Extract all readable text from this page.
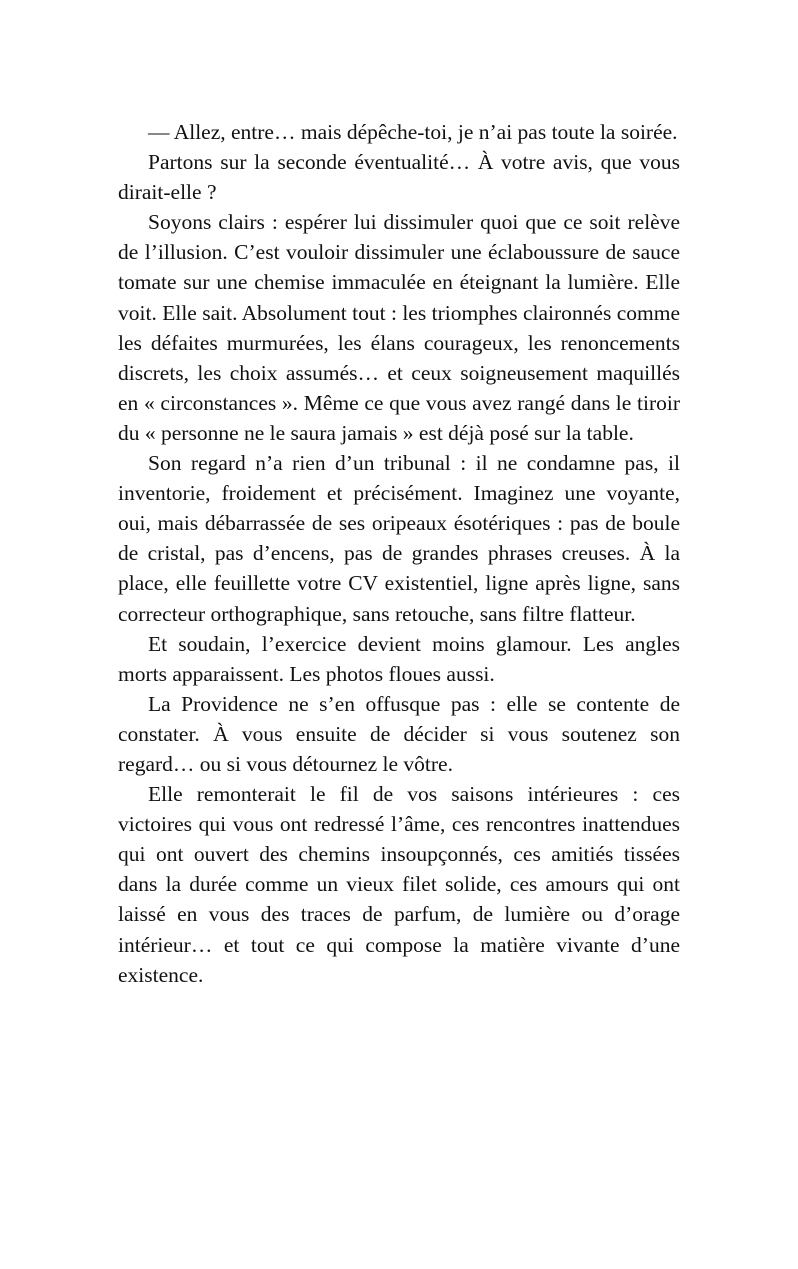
— Allez, entre… mais dépêche-toi, je n’ai pas toute la soirée.

Partons sur la seconde éventualité… À votre avis, que vous dirait-elle ?

Soyons clairs : espérer lui dissimuler quoi que ce soit relève de l’illusion. C’est vouloir dissimuler une éclaboussure de sauce tomate sur une chemise immaculée en éteignant la lumière. Elle voit. Elle sait. Absolument tout : les triomphes claironnés comme les défaites murmurées, les élans courageux, les renoncements discrets, les choix assumés… et ceux soigneusement maquillés en « circonstances ». Même ce que vous avez rangé dans le tiroir du « personne ne le saura jamais » est déjà posé sur la table.

Son regard n’a rien d’un tribunal : il ne condamne pas, il inventorie, froidement et précisément. Imaginez une voyante, oui, mais débarrassée de ses oripeaux ésotériques : pas de boule de cristal, pas d’encens, pas de grandes phrases creuses. À la place, elle feuillette votre CV existentiel, ligne après ligne, sans correcteur orthographique, sans retouche, sans filtre flatteur.

Et soudain, l’exercice devient moins glamour. Les angles morts apparaissent. Les photos floues aussi.

La Providence ne s’en offusque pas : elle se contente de constater. À vous ensuite de décider si vous soutenez son regard… ou si vous détournez le vôtre.

Elle remonterait le fil de vos saisons intérieures : ces victoires qui vous ont redressé l’âme, ces rencontres inattendues qui ont ouvert des chemins insoupçonnés, ces amitiés tissées dans la durée comme un vieux filet solide, ces amours qui ont laissé en vous des traces de parfum, de lumière ou d’orage intérieur… et tout ce qui compose la matière vivante d’une existence.
